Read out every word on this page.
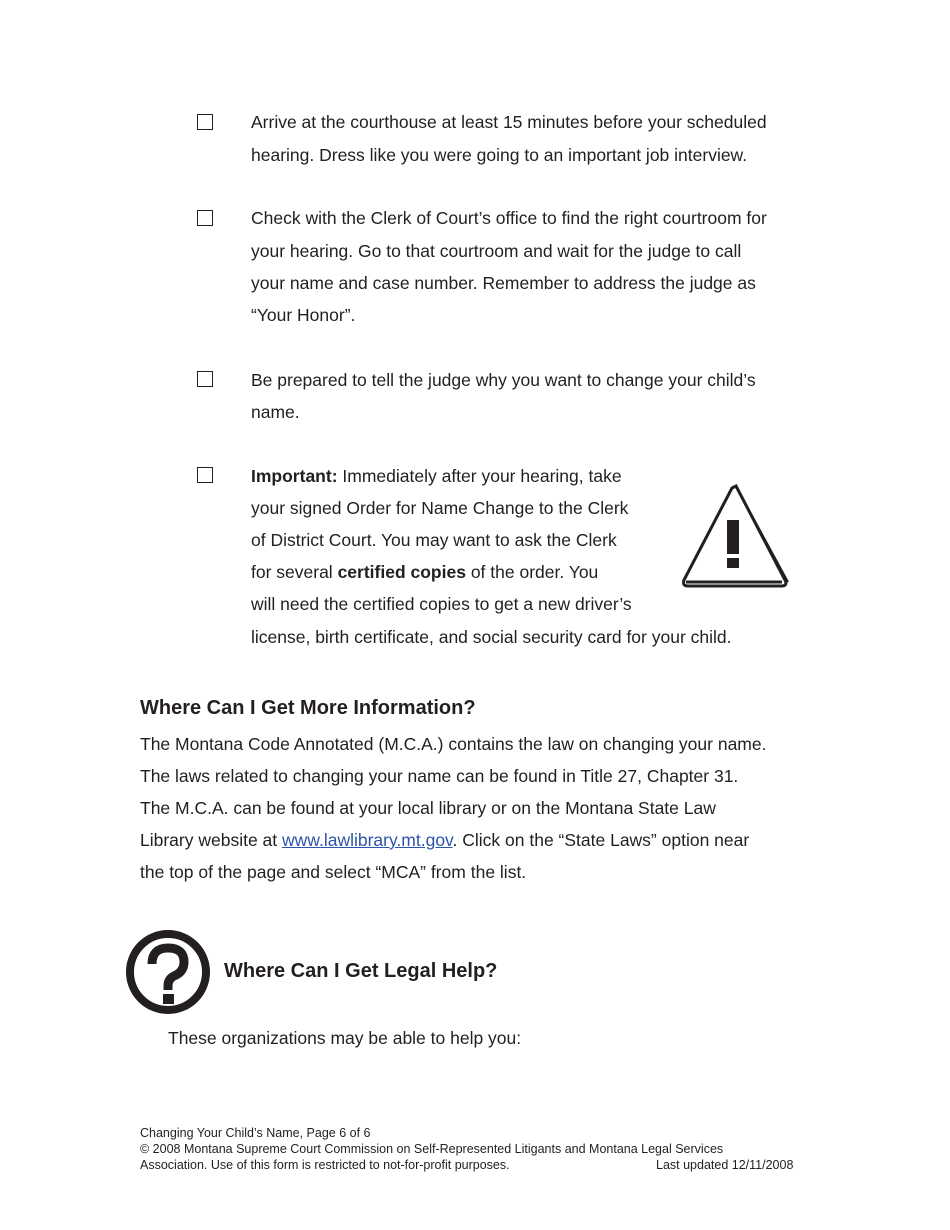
Arrive at the courthouse at least 15 minutes before your scheduled
hearing. Dress like you were going to an important job interview.
Check with the Clerk of Court’s office to find the right courtroom for
your hearing. Go to that courtroom and wait for the judge to call
your name and case number. Remember to address the judge as
“Your Honor”.
Be prepared to tell the judge why you want to change your child’s
name.
Important: Immediately after your hearing, take
your signed Order for Name Change to the Clerk
of District Court. You may want to ask the Clerk
for several certified copies of the order. You
will need the certified copies to get a new driver’s
license, birth certificate, and social security card for your child.
Where Can I Get More Information?
The Montana Code Annotated (M.C.A.) contains the law on changing your name.
The laws related to changing your name can be found in Title 27, Chapter 31.
The M.C.A. can be found at your local library or on the Montana State Law
Library website at www.lawlibrary.mt.gov. Click on the “State Laws” option near
the top of the page and select “MCA” from the list.
Where Can I Get Legal Help?
These organizations may be able to help you:
Changing Your Child’s Name, Page 6 of 6
© 2008 Montana Supreme Court Commission on Self-Represented Litigants and Montana Legal Services
Association. Use of this form is restricted to not-for-profit purposes.	Last updated 12/11/2008
